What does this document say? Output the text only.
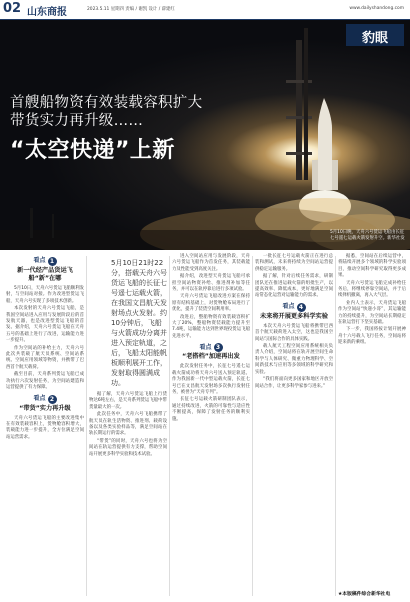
02 山东商报	2023.5.11 星期四 责编 / 谢凯 设计 / 薛建红	www.dailyshandong.com
豹眼
首艘船物资有效装载容积扩大
带货实力再升级……
“太空快递”上新
5月10日晚，天舟六号货运飞船由长征七号遥七运载火箭发射升空。新华社发
看点 1
新一代经产品货运飞船“新”在哪

5月10日，天舟六号货运飞船顺利发射，与空间站对接。作为改进型货运飞船，天舟六号实现了多项技术创新。

本次发射的天舟六号货运飞船，是我国空间站进入应用与发展阶段后的首发航天器，也是改进型货运飞船的首发。据介绍，天舟六号货运飞船在天舟五号的基础上进行了改进，运输能力进一步提升。

作为空间站的补给主力，天舟六号此次共装载了航天员系统、空间站系统、空间应用领域等物资，并携带了巴西首个航天载荷。

截至目前，天舟系列货运飞船已成功执行六次发射任务，为空间站建造和运营提供了有力保障。

看点 2
“带货”实力再升级

天舟六号货运飞船的主要改进集中在有效装载容积上，货物舱容积增大，装载能力进一步提升，全方位满足空间站运营需求。

5月10日21时22分，搭载天舟六号货运飞船的长征七号遥七运载火箭，在我国文昌航天发射场点火发射。约10分钟后，飞船与火箭成功分离并进入预定轨道，之后，飞船太阳能帆板顺利展开工作，发射取得圆满成功。

据了解，天舟六号货运飞船上行货物达6吨左右，是天舟系列货运飞船中带货量最大的一次。

此次任务中，天舟六号飞船携带了航天员在轨生活物资、推进剂、载荷设备以及各类实验样品等，满足空间站在轨长期运行的需求。

“带货”的同时，天舟六号也将为空间站在轨运营提供有力支撑，帮助空间站开展更多科学实验和技术试验。

进入空间站应用与发展阶段，天舟六号货运飞船作为首发任务，其装载能力及性能受到高度关注。

据介绍，改进型天舟货运飞船可承担空间站物资补给、推进剂补加等任务，并可以在轨停靠后进行多项试验。

天舟六号货运飞船改进方案在保持原有结构基础上，对货物舱布局进行了优化，提升了装货空间利用率。

改进后，整船物资有效装载容积扩大了20%，整船物资装载能力提升至7.4吨，运输能力达到世界现役货运飞船先进水平。

看点 3
“老搭档”加速再出发

此次发射任务中，长征七号遥七运载火箭成功将天舟六号送入预定轨道。作为我国新一代中型运载火箭，长征七号已在文昌航天发射场多次执行发射任务，被誉为“天舟专列”。

长征七号运载火箭研制团队表示，通过持续改进，火箭的可靠性与适应性不断提高，保障了发射任务的顺利实施。

一批长征七号运载火箭正在进行总装和测试，未来将持续为空间站运营提供稳定运输服务。

据了解，针对后续任务需求，研制团队还在推进运载火箭的组批生产，以提高效率、降低成本，更好地满足空间站常态化运营对运输能力的需求。

看点 4
未来将开展更多科学实验

本次天舟六号货运飞船将携带巴西首个航天载荷进入太空，这也是我国空间站与国际合作的具体实践。

载人航天工程空间应用系统相关负责人介绍，空间站将在轨开展空间生命科学与人体研究、微重力物理科学、空间新技术与应用等多领域的科学研究和实验。

“我们将面向更多国家和地区开放空间站合作，让更多科学家参与进来。”

据悉，空间站在后续运营中，将陆续开展多个领域的科学实验项目，推动空间科学研究取得更多成果。

天舟六号货运飞船完成补给任务后，将继续停靠空间站，并于后续择机撤离，再入大气层。

业内人士表示，天舟货运飞船作为空间站“快递小哥”，其运输能力的持续提升，为空间站长期稳定在轨运营打下坚实基础。

下一步，我国将按计划开展神舟十六号载人飞行任务，空间站将迎来新的乘组。

★本版稿件综合新华社电
